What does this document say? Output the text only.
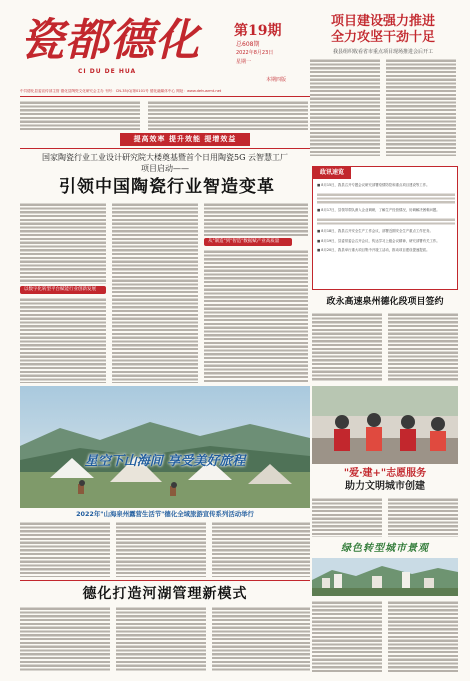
瓷都德化
CI DU DE HUA
第19期
总608期
2022年8月23日
星期一
本期四版
中共德化县委宣传部主管 德化县陶瓷文化研究会主办 刊号：CN-35(Q)第0101号 德化融媒体中心 网址：www.dehuarmt.net
项目建设强力推进
全力攻坚干劲十足
我县组织收看省市重点项目现场推进会后开工
提高效率 提升效能 提增效益
国家陶瓷行业工业设计研究院大楼奠基暨首个日用陶瓷5G 云智慧工厂项目启动——
引领中国陶瓷行业智造变革
以数字化转型平台赋能行业创新发展
从"制造"到"智造"数据赋产业高质量
政讯速览
■ 8月15日，我县召开专题会议研究部署疫情防控和重点项目建设等工作。
■ 8月17日，县领导带队深入企业调研，了解生产经营情况，协调解决困难问题。
■ 8月18日，我县召开安全生产工作会议，部署近期安全生产重点工作任务。
■ 8月19日，县委常委会召开会议，传达学习上级会议精神，研究部署有关工作。
■ 8月20日，我县举行重大项目集中开竣工活动，推动项目建设提速提质。
政永高速泉州德化段项目签约
星空下山海间 享受美好旅程
2022年"山海泉州露营生活节"德化全域旅游宣传系列活动举行
"爱·建+"志愿服务
助力文明城市创建
德化打造河湖管理新模式
绿色转型城市景观
